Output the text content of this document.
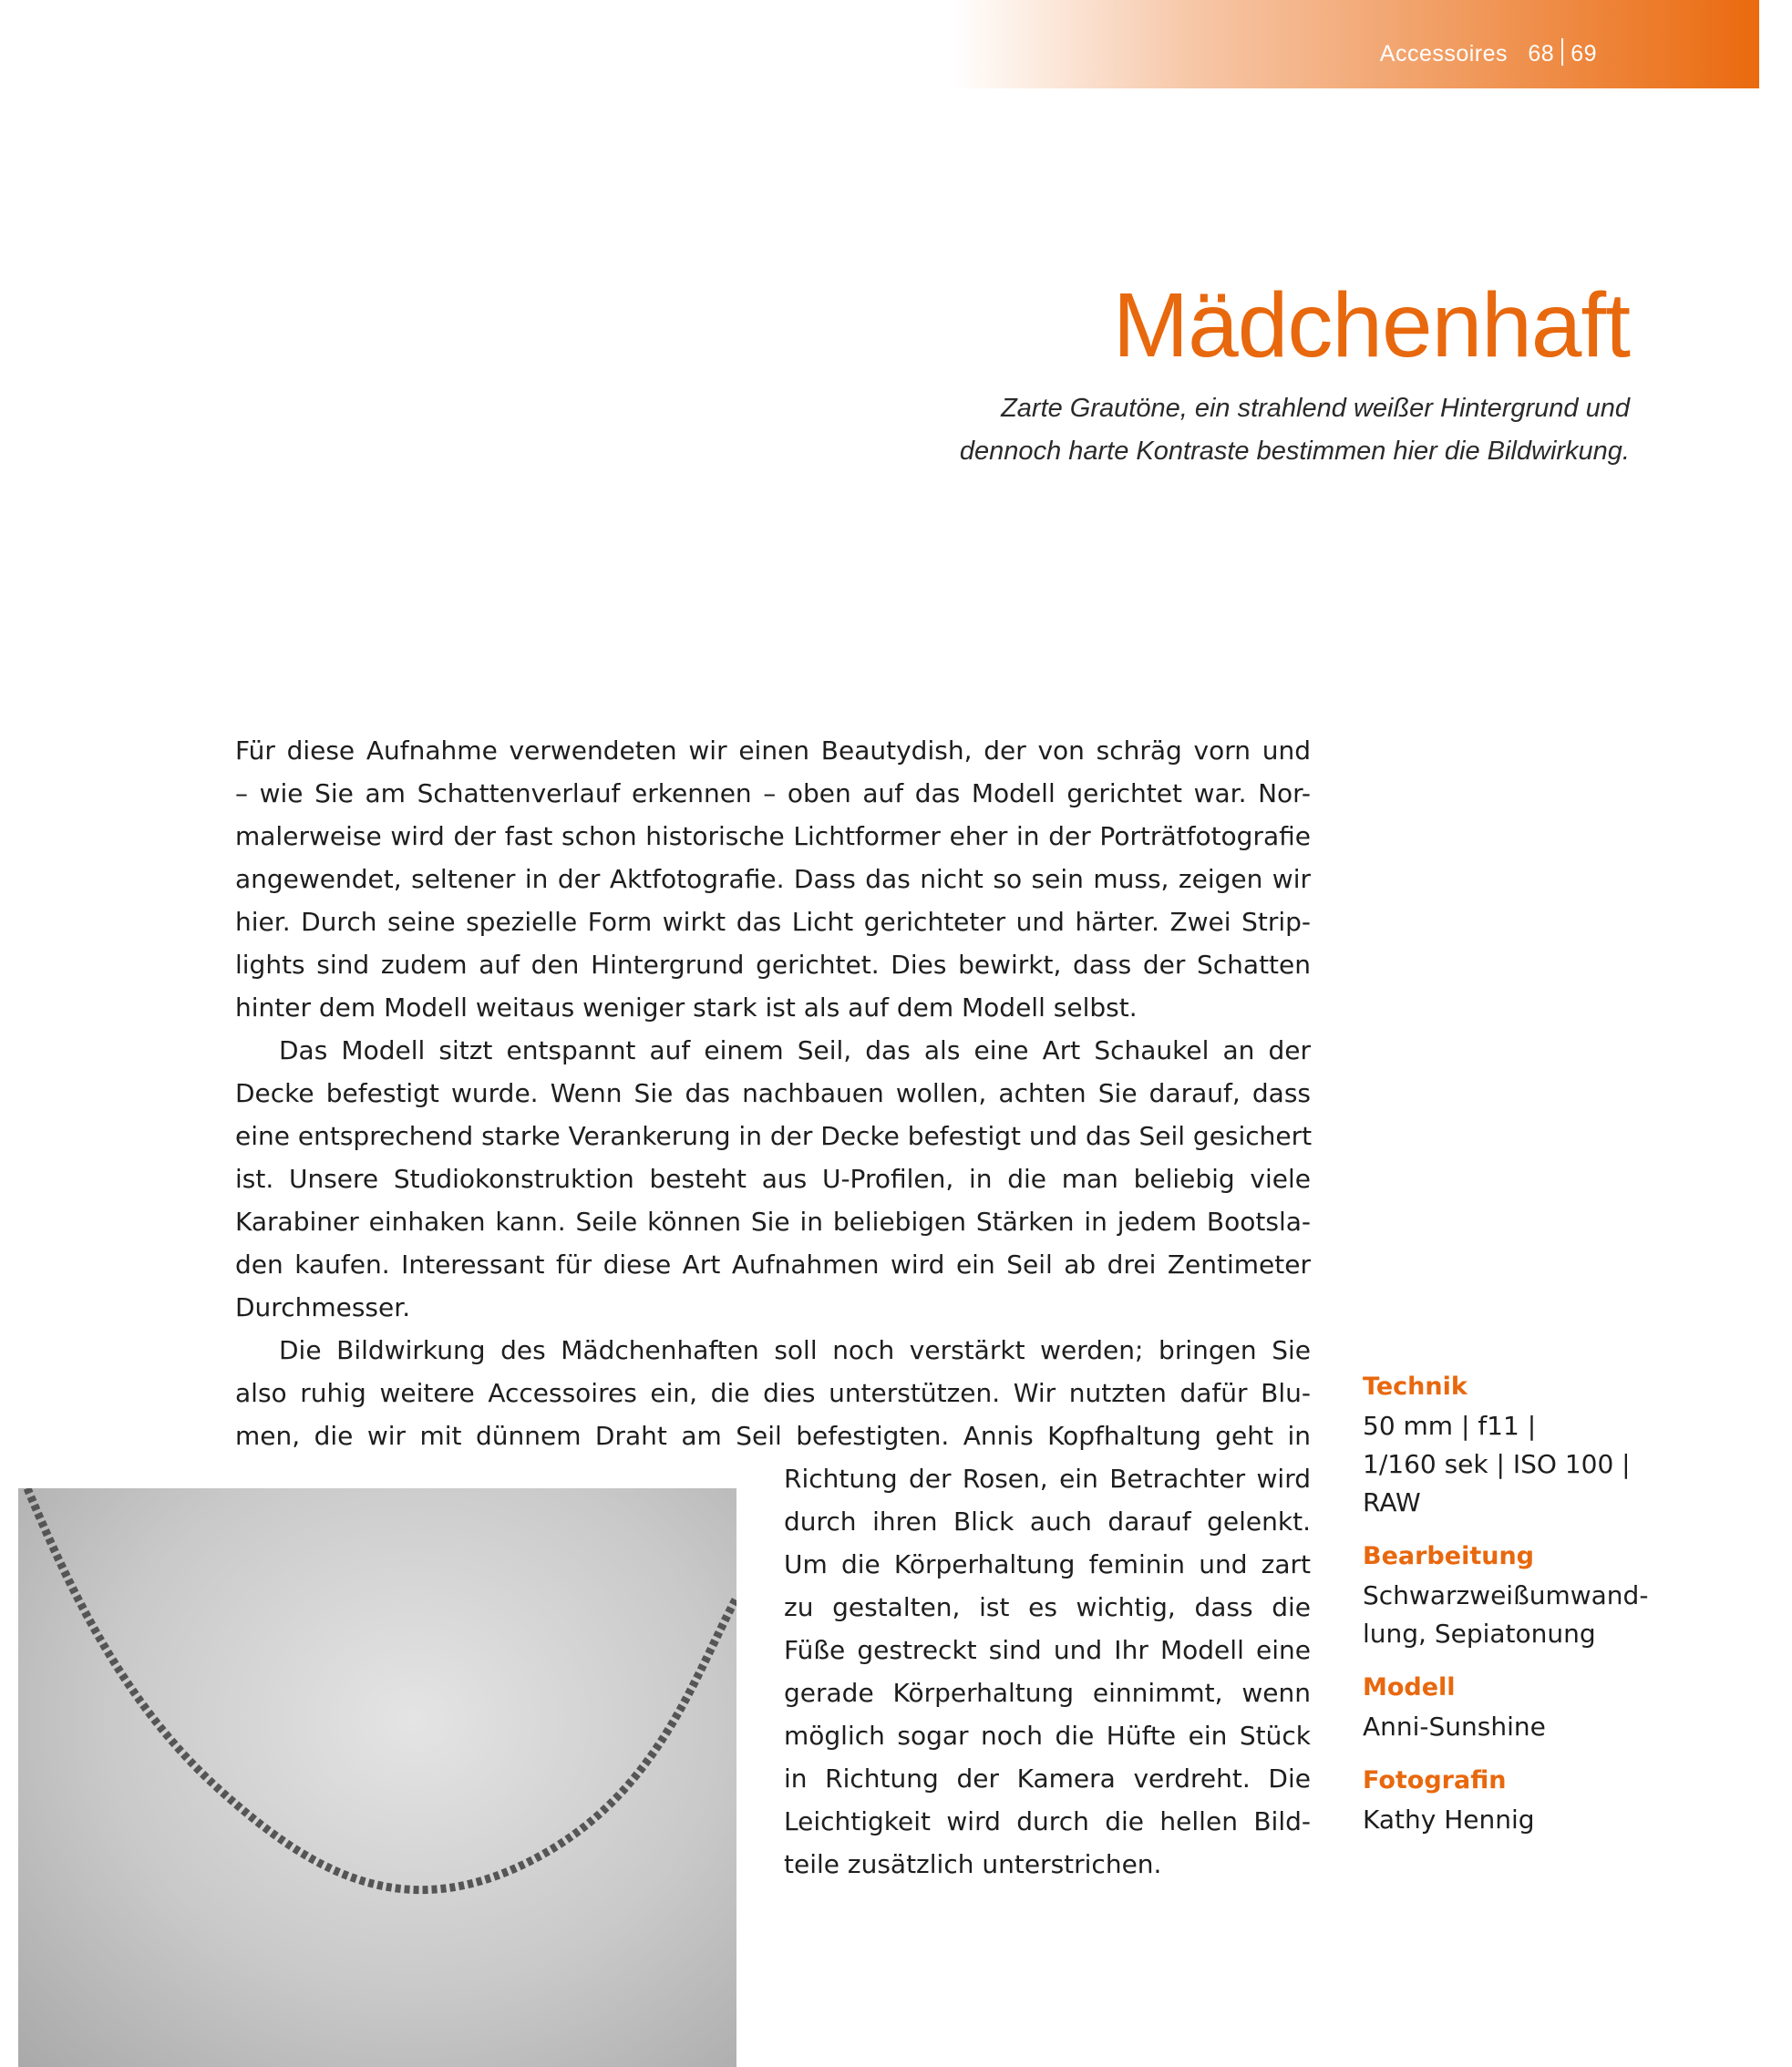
Accessoires 68 69
Mädchenhaft
Zarte Grautöne, ein strahlend weißer Hintergrund und
dennoch harte Kontraste bestimmen hier die Bildwirkung.
Für diese Aufnahme verwendeten wir einen Beautydish, der von schräg vorn und
– wie Sie am Schattenverlauf erkennen – oben auf das Modell gerichtet war. Nor-
malerweise wird der fast schon historische Lichtformer eher in der Porträtfotografie
angewendet, seltener in der Aktfotografie. Dass das nicht so sein muss, zeigen wir
hier. Durch seine spezielle Form wirkt das Licht gerichteter und härter. Zwei Strip-
lights sind zudem auf den Hintergrund gerichtet. Dies bewirkt, dass der Schatten
hinter dem Modell weitaus weniger stark ist als auf dem Modell selbst.
Das Modell sitzt entspannt auf einem Seil, das als eine Art Schaukel an der
Decke befestigt wurde. Wenn Sie das nachbauen wollen, achten Sie darauf, dass
eine entsprechend starke Verankerung in der Decke befestigt und das Seil gesichert
ist. Unsere Studiokonstruktion besteht aus U-Profilen, in die man beliebig viele
Karabiner einhaken kann. Seile können Sie in beliebigen Stärken in jedem Bootsla-
den kaufen. Interessant für diese Art Aufnahmen wird ein Seil ab drei Zentimeter
Durchmesser.
Die Bildwirkung des Mädchenhaften soll noch verstärkt werden; bringen Sie
also ruhig weitere Accessoires ein, die dies unterstützen. Wir nutzten dafür Blu-
men, die wir mit dünnem Draht am Seil befestigten. Annis Kopfhaltung geht in
Richtung der Rosen, ein Betrachter wird
durch ihren Blick auch darauf gelenkt.
Um die Körperhaltung feminin und zart
zu gestalten, ist es wichtig, dass die
Füße gestreckt sind und Ihr Modell eine
gerade Körperhaltung einnimmt, wenn
möglich sogar noch die Hüfte ein Stück
in Richtung der Kamera verdreht. Die
Leichtigkeit wird durch die hellen Bild-
teile zusätzlich unterstrichen.
Technik
50 mm | f11 |
1/160 sek | ISO 100 |
RAW
Bearbeitung
Schwarzweißumwand-
lung, Sepiatonung
Modell
Anni-Sunshine
Fotografin
Kathy Hennig
